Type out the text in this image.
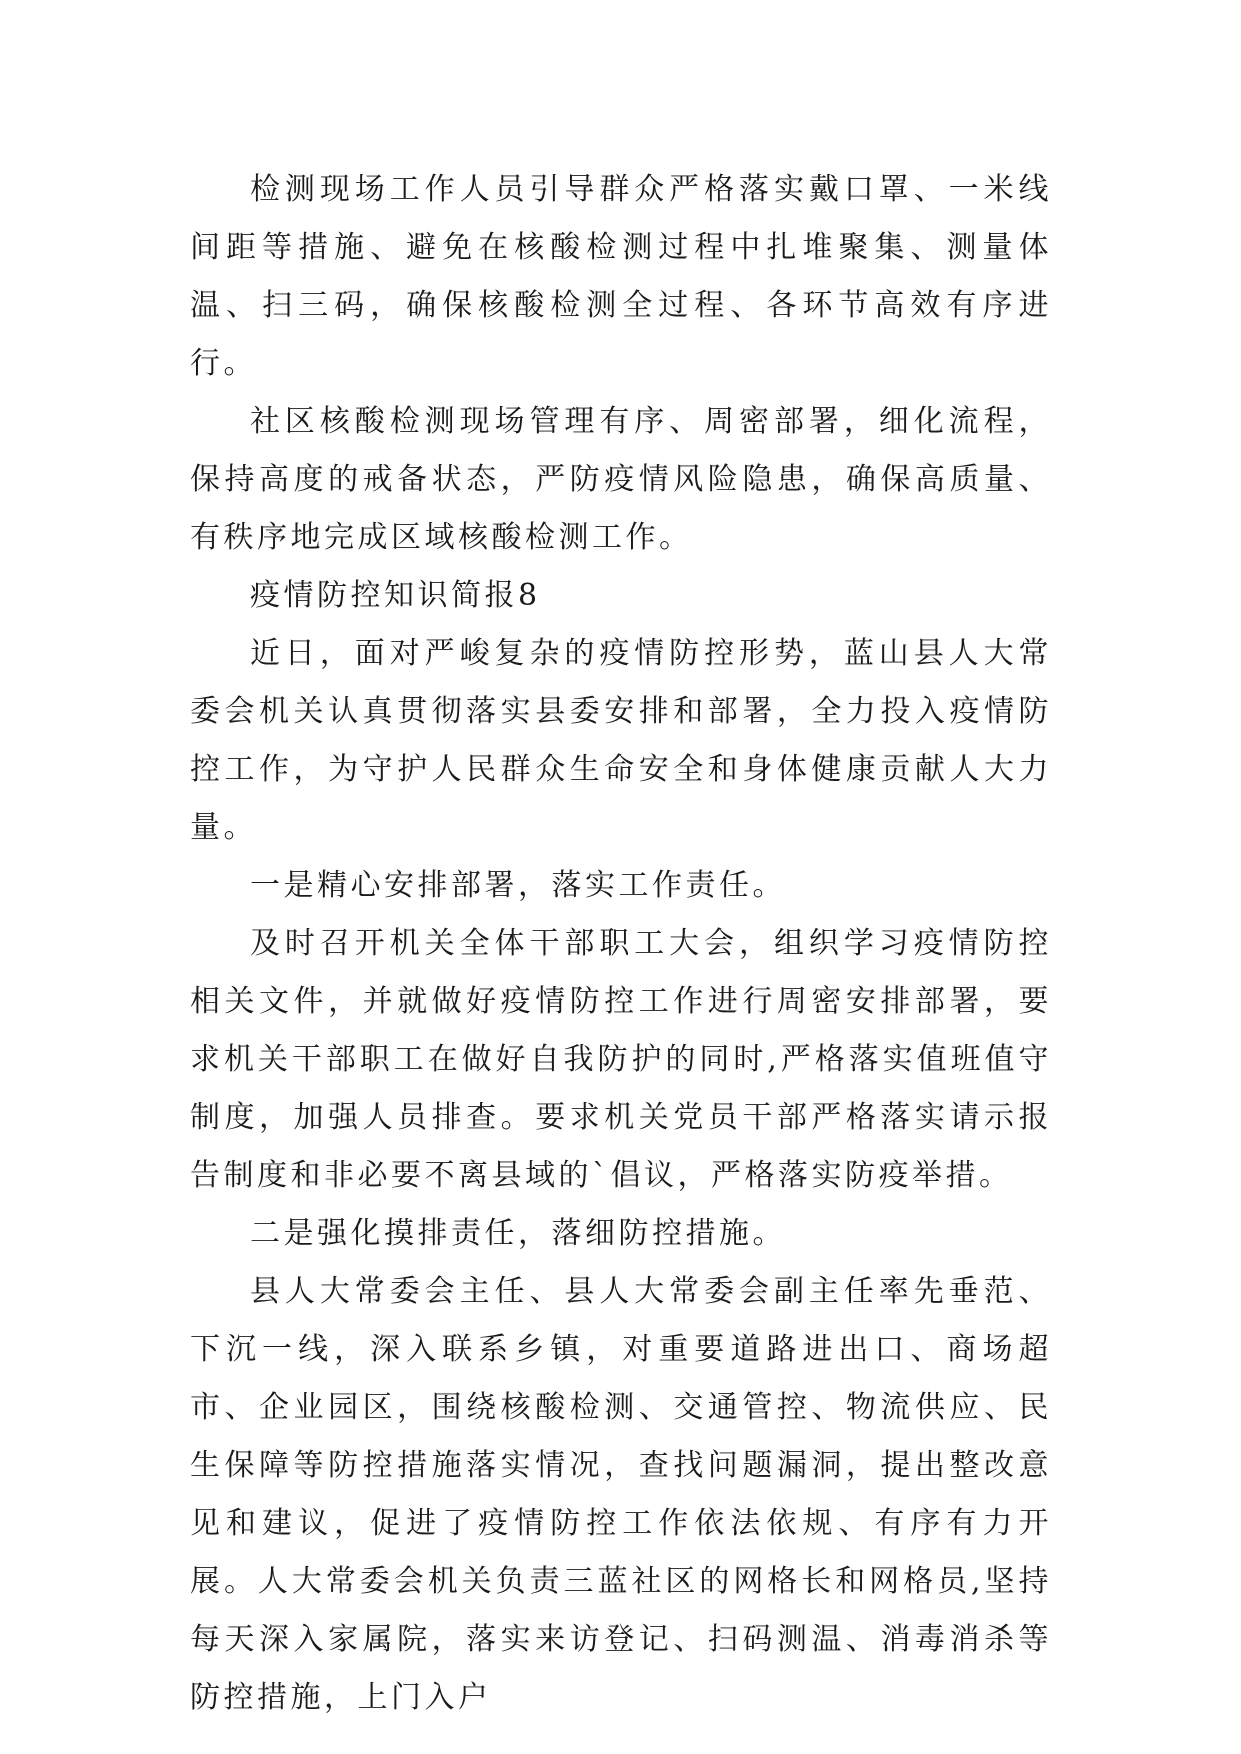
检测现场工作人员引导群众严格落实戴口罩、一米线间距等措施、避免在核酸检测过程中扎堆聚集、测量体温、扫三码，确保核酸检测全过程、各环节高效有序进行。

社区核酸检测现场管理有序、周密部署，细化流程，保持高度的戒备状态，严防疫情风险隐患，确保高质量、有秩序地完成区域核酸检测工作。

疫情防控知识简报8

近日，面对严峻复杂的疫情防控形势，蓝山县人大常委会机关认真贯彻落实县委安排和部署，全力投入疫情防控工作，为守护人民群众生命安全和身体健康贡献人大力量。

一是精心安排部署，落实工作责任。

及时召开机关全体干部职工大会，组织学习疫情防控相关文件，并就做好疫情防控工作进行周密安排部署，要求机关干部职工在做好自我防护的同时,严格落实值班值守制度，加强人员排查。要求机关党员干部严格落实请示报告制度和非必要不离县域的`倡议，严格落实防疫举措。

二是强化摸排责任，落细防控措施。

县人大常委会主任、县人大常委会副主任率先垂范、下沉一线，深入联系乡镇，对重要道路进出口、商场超市、企业园区，围绕核酸检测、交通管控、物流供应、民生保障等防控措施落实情况，查找问题漏洞，提出整改意见和建议，促进了疫情防控工作依法依规、有序有力开展。人大常委会机关负责三蓝社区的网格长和网格员,坚持每天深入家属院，落实来访登记、扫码测温、消毒消杀等防控措施，上门入户
